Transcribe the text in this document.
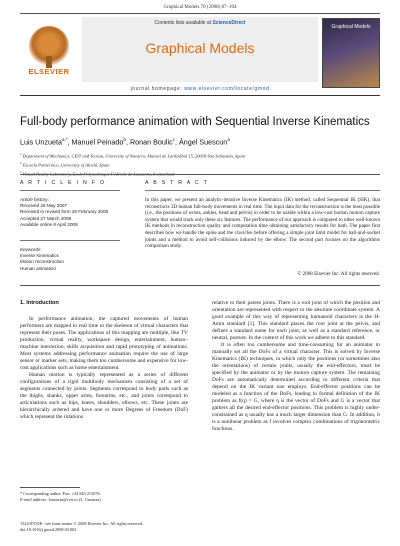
Graphical Models 70 (2008) 87–104
ELSEVIER
Contents lists available at ScienceDirect
Graphical Models
journal homepage: www.elsevier.com/locate/gmod
Graphical Models
Full-body performance animation with Sequential Inverse Kinematics
Luis Unzueta$^{a,*}$, Manuel Peinado$^b$, Ronan Boulic$^c$, Ángel Suescun$^a$
$^a$ Department of Mechanics, CEIT and Tecnun, University of Navarra, Manuel de Lardizábal 15, 20018 San Sebastián, Spain
$^b$ Escuela Politécnica, University of Alcalá, Spain
$^c$ Virtual Reality Laboratory, Ecole Polytechnique Fédérale de Lausanne, Switzerland
A R T I C L E I N F O	A B S T R A C T
Article history:
Received 28 May 2007
Received in revised form 28 February 2008
Accepted 27 March 2008
Available online 8 April 2008
Keywords:
Inverse Kinematics
Motion reconstruction
Human animation
In this paper, we present an analytic-iterative Inverse Kinematics (IK) method, called Sequential IK (SIK), that reconstructs 3D human full-body movements in real time. The input data for the reconstruction is the least possible (i.e., the positions of wrists, ankles, head and pelvis) in order to be usable within a low-cost human motion capture system that would track only these six features. The performance of our approach is compared to other well-known IK methods in reconstruction quality and computation time obtaining satisfactory results for both. The paper first describes how we handle the spine and the clavicles before offering a simple joint limit model for ball-and-socket joints and a method to avoid self-collisions induced by the elbow. The second part focuses on the algorithms comparison study.
© 2008 Elsevier Inc. All rights reserved.
1. Introduction

In performance animation, the captured movements of human performers are mapped in real time to the skeleton of virtual characters that represent their poses. The applications of this mapping are multiple, like TV production, virtual reality, workspace design, entertainment, human–machine interaction, skills acquisition and rapid prototyping of animations. Most systems addressing performance animation require the use of large sensor or marker sets, making them too cumbersome and expensive for low-cost applications such as home entertainment.

Human motion is typically represented as a series of different configurations of a rigid multibody mechanism consisting of a set of segments connected by joints. Segments correspond to body parts such as the thighs, shanks, upper arms, forearms, etc., and joints correspond to articulations such as hips, knees, shoulders, elbows, etc. These joints are hierarchically ordered and have one or more Degrees of Freedom (DoF) which represent the rotations

relative to their parent joints. There is a root joint of which the position and orientation are represented with respect to the absolute coordinate system. A good example of this way of representing humanoid characters is the H-Anim standard [1]. This standard places the root joint at the pelvis, and defines a standard name for each joint, as well as a standard reference, or neutral, posture. In the context of this work we adhere to this standard.

It is often too cumbersome and time-consuming for an animator to manually set all the DoFs of a virtual character. This is solved by Inverse Kinematics (IK) techniques, in which only the positions (or sometimes also the orientations) of certain joints, usually the end-effectors, must be specified by the animator or by the motion capture system. The remaining DoFs are automatically determined according to different criteria that depend on the IK variant one employs. End-effector positions can be modeled as a function of the DoFs, leading to formal definition of the IK problem as f(q) = G, where q is the vector of DoFs and G is a vector that gathers all the desired end-effector positions. This problem is highly under-constrained as q usually has a much larger dimension than G. In addition, it is a nonlinear problem as f involves complex combinations of trigonometric functions.

* Corresponding author. Fax: +34 943 213076.
E-mail address: lunzueta@ceit.es (L. Unzueta).
1524-0703/$ - see front matter © 2008 Elsevier Inc. All rights reserved.
doi:10.1016/j.gmod.2008.03.002
